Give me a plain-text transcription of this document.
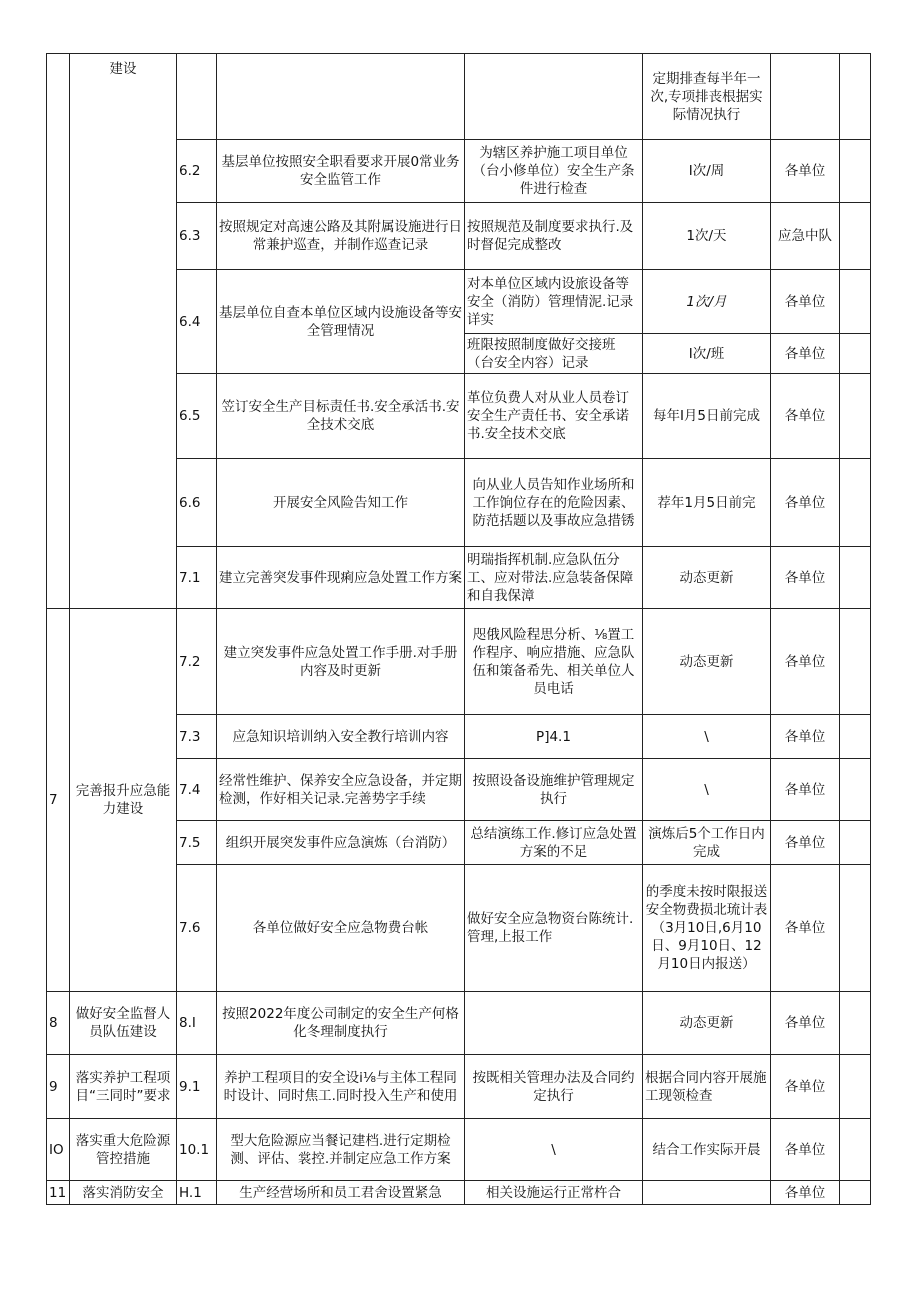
	建设				定期排查每半年一次,专项排丧根据实际情况执行		
		6.2	基层单位按照安全职看要求开展0常业务安全监管工作	为辖区养护施工项目单位（台小修单位）安全生产条件进行检查	I次/周	各单位	
		6.3	按照规定对高速公路及其附属设施进行日常兼护巡查，并制作巡查记录	按照规范及制度要求执行.及时督促完成整改	1次/天	应急中队	
		6.4	基层单位自查本单位区域内设施设备等安全管理情况	对本单位区域内设旅设备等安全（消防）管理情泥.记录详实	1次/月	各单位	
				班限按照制度做好交接班（台安全内容）记录	I次/班	各单位	
		6.5	笠订安全生产目标责任书.安全承活书.安全技术交底	革位负费人对从业人员卷订安全生产责任书、安全承诺书.安全技术交底	每年I月5日前完成	各单位	
		6.6	开展安全风险告知工作	向从业人员告知作业场所和工作饷位存在的危险因素、防范括题以及事故应急措锈	荐年1月5日前完	各单位	
		7.1	建立完善突发事件现痢应急处置工作方案	明瑞指挥机制.应急队伍分工、应对带法.应急装备保障和自我保漳	动态更新	各单位	
7	完善报升应急能力建设	7.2	建立突发事件应急处置工作手册.对手册内容及时更新	咫俄风险程思分析、⅛置工作程序、响应措施、应急队伍和策备希先、相关单位人员电话	动态更新	各单位	
		7.3	应急知识培训纳入安全教行培训内容	P]4.1	\	各单位	
		7.4	经常性维护、保养安全应急设备，并定期检测，作好相关记录.完善势字手续	按照设备设施维护管理规定执行	\	各单位	
		7.5	组织开展突发事件应急演炼（台消防）	总结演练工作.修订应急处置方案的不足	演炼后5个工作日内完成	各单位	
		7.6	各单位做好安全应急物费台帐	做好安全应急物资台陈统计.管理,上报工作	的季度未按时限报送安全物费损北琉计表（3月10日,6月10日、9月10日、12月10日内报送）	各单位	
8	做好安全监督人员队伍建设	8.I	按照2022年度公司制定的安全生产何格化冬理制度执行		动态更新	各单位	
9	落实养护工程项目“三同时”要求	9.1	养护工程项目的安全设i⅛与主体工程同时设计、同时焦工.同时投入生产和使用	按既相关管理办法及合同约定执行	根据合同内容开展施工现领检查	各单位	
IO	落实重大危险源管控措施	10.1	型大危险源应当餐记建档.进行定期检测、评估、裳控.并制定应急工作方案	\	结合工作实际开晨	各单位	
11	落实消防安全	H.1	生产经营场所和员工君舍设置紧急	相关设施运行正常杵合		各单位	
